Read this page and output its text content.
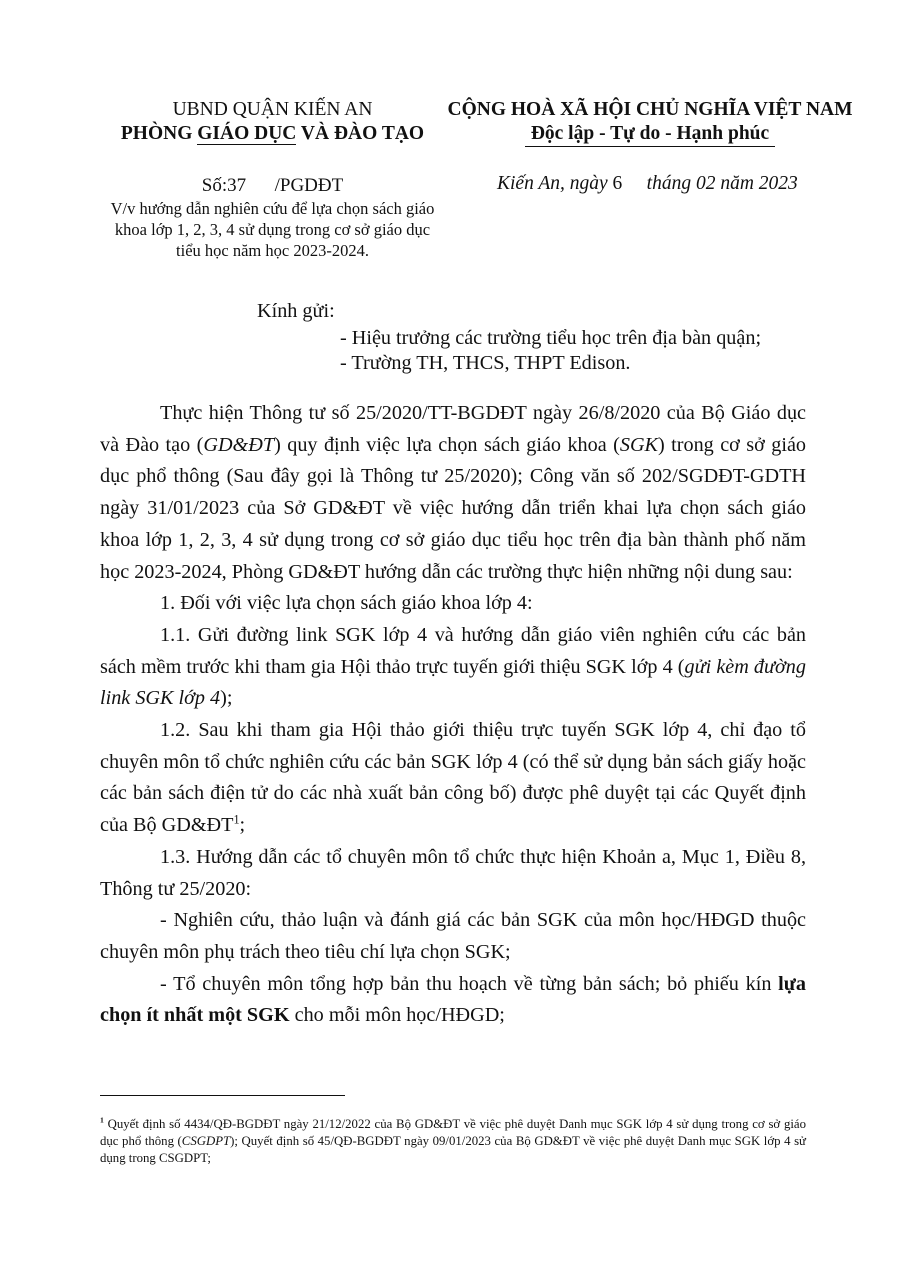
UBND QUẬN KIẾN AN
PHÒNG GIÁO DỤC VÀ ĐÀO TẠO
Số:37 /PGDĐT
V/v hướng dẫn nghiên cứu để lựa chọn sách giáo khoa lớp 1, 2, 3, 4 sử dụng trong cơ sở giáo dục tiểu học năm học 2023-2024.
CỘNG HOÀ XÃ HỘI CHỦ NGHĨA VIỆT NAM
Độc lập - Tự do - Hạnh phúc
Kiến An, ngày 6 tháng 02 năm 2023

Kính gửi:

- Hiệu trưởng các trường tiểu học trên địa bàn quận;

- Trường TH, THCS, THPT Edison.

Thực hiện Thông tư số 25/2020/TT-BGDĐT ngày 26/8/2020 của Bộ Giáo dục và Đào tạo (GD&ĐT) quy định việc lựa chọn sách giáo khoa (SGK) trong cơ sở giáo dục phổ thông (Sau đây gọi là Thông tư 25/2020); Công văn số 202/SGDĐT-GDTH ngày 31/01/2023 của Sở GD&ĐT về việc hướng dẫn triển khai lựa chọn sách giáo khoa lớp 1, 2, 3, 4 sử dụng trong cơ sở giáo dục tiểu học trên địa bàn thành phố năm học 2023-2024, Phòng GD&ĐT hướng dẫn các trường thực hiện những nội dung sau:

1. Đối với việc lựa chọn sách giáo khoa lớp 4:

1.1. Gửi đường link SGK lớp 4 và hướng dẫn giáo viên nghiên cứu các bản sách mềm trước khi tham gia Hội thảo trực tuyến giới thiệu SGK lớp 4 (gửi kèm đường link SGK lớp 4);

1.2. Sau khi tham gia Hội thảo giới thiệu trực tuyến SGK lớp 4, chỉ đạo tổ chuyên môn tổ chức nghiên cứu các bản SGK lớp 4 (có thể sử dụng bản sách giấy hoặc các bản sách điện tử do các nhà xuất bản công bố) được phê duyệt tại các Quyết định của Bộ $GD\&ĐT^1$;

1.3. Hướng dẫn các tổ chuyên môn tổ chức thực hiện Khoản a, Mục 1, Điều 8, Thông tư 25/2020:

- Nghiên cứu, thảo luận và đánh giá các bản SGK của môn học/HĐGD thuộc chuyên môn phụ trách theo tiêu chí lựa chọn SGK;

- Tổ chuyên môn tổng hợp bản thu hoạch về từng bản sách; bỏ phiếu kín lựa chọn ít nhất một SGK cho mỗi môn học/HĐGD;

$^1$ Quyết định số 4434/QĐ-BGDĐT ngày 21/12/2022 của Bộ GD&ĐT về việc phê duyệt Danh mục SGK lớp 4 sử dụng trong cơ sở giáo dục phổ thông (CSGDPT); Quyết định số 45/QĐ-BGDĐT ngày 09/01/2023 của Bộ GD&ĐT về việc phê duyệt Danh mục SGK lớp 4 sử dụng trong CSGDPT;
